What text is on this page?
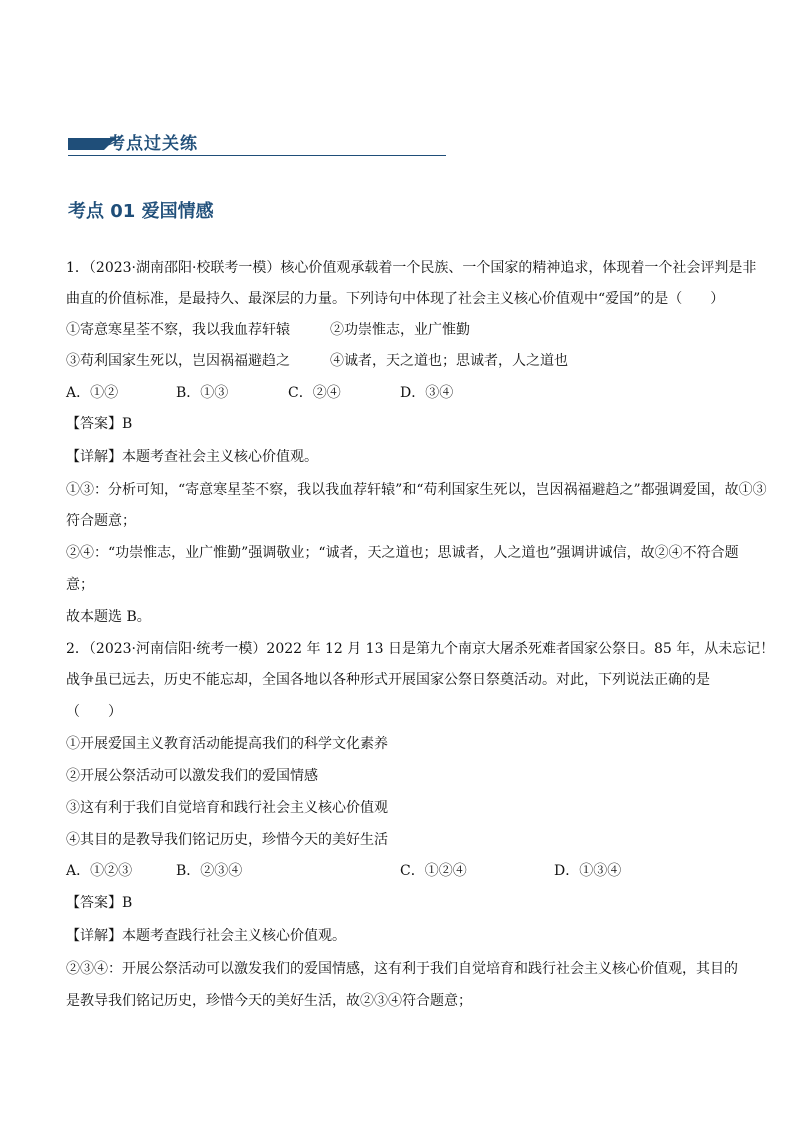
考点过关练
考点 01 爱国情感
1．（2023·湖南邵阳·校联考一模）核心价值观承载着一个民族、一个国家的精神追求，体现着一个社会评判是非
曲直的价值标准，是最持久、最深层的力量。下列诗句中体现了社会主义核心价值观中“爱国”的是（　　）
①寄意寒星荃不察，我以我血荐轩辕	②功崇惟志，业广惟勤
③苟利国家生死以，岂因祸福避趋之	④诚者，天之道也；思诚者，人之道也
A．①②	B．①③	C．②④	D．③④
【答案】B
【详解】本题考查社会主义核心价值观。
①③：分析可知，“寄意寒星荃不察，我以我血荐轩辕”和“苟利国家生死以，岂因祸福避趋之”都强调爱国，故①③
符合题意；
②④：“功崇惟志，业广惟勤”强调敬业；“诚者，天之道也；思诚者，人之道也”强调讲诚信，故②④不符合题
意；
故本题选 B。
2．（2023·河南信阳·统考一模）2022 年 12 月 13 日是第九个南京大屠杀死难者国家公祭日。85 年，从未忘记！
战争虽已远去，历史不能忘却，全国各地以各种形式开展国家公祭日祭奠活动。对此，下列说法正确的是
（　　）
①开展爱国主义教育活动能提高我们的科学文化素养
②开展公祭活动可以激发我们的爱国情感
③这有利于我们自觉培育和践行社会主义核心价值观
④其目的是教导我们铭记历史，珍惜今天的美好生活
A．①②③	B．②③④	C．①②④	D．①③④
【答案】B
【详解】本题考查践行社会主义核心价值观。
②③④：开展公祭活动可以激发我们的爱国情感，这有利于我们自觉培育和践行社会主义核心价值观，其目的
是教导我们铭记历史，珍惜今天的美好生活，故②③④符合题意；
